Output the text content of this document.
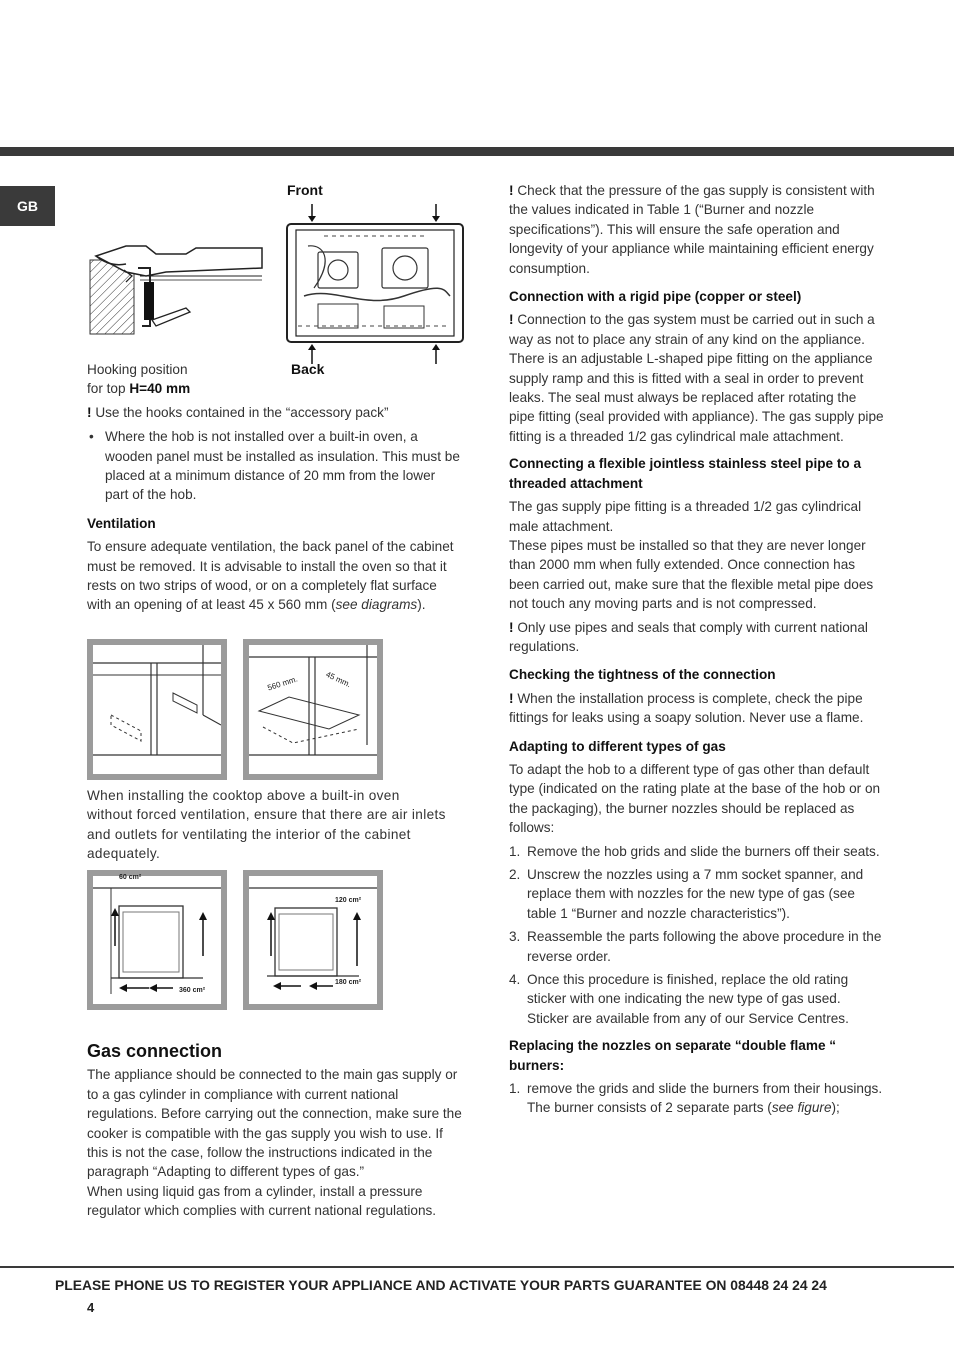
GB
Front
Back

Hooking position

for top H=40 mm

! Use the hooks contained in the “accessory pack”

• Where the hob is not installed over a built-in oven, a wooden panel must be installed as insulation. This must be placed at a minimum distance of 20 mm from the lower part of the hob.

Ventilation

To ensure adequate ventilation, the back panel of the cabinet must be removed. It is advisable to install the oven so that it rests on two strips of wood, or on a completely flat surface with an opening of at least 45 x 560 mm (see diagrams).

560 mm.	45 mm.
When installing the cooktop above a built-in oven without forced ventilation, ensure that there are air inlets and outlets for ventilating the interior of the cabinet adequately.
60 cm²
360 cm²
120 cm²
180 cm²

Gas connection

The appliance should be connected to the main gas supply or to a gas cylinder in compliance with current national regulations. Before carrying out the connection, make sure the cooker is compatible with the gas supply you wish to use. If this is not the case, follow the instructions indicated in the paragraph “Adapting to different types of gas.”

When using liquid gas from a cylinder, install a pressure regulator which complies with current national regulations.

! Check that the pressure of the gas supply is consistent with the values indicated in Table 1 (“Burner and nozzle specifications”). This will ensure the safe operation and longevity of your appliance while maintaining efficient energy consumption.

Connection with a rigid pipe (copper or steel)

! Connection to the gas system must be carried out in such a way as not to place any strain of any kind on the appliance.

There is an adjustable L-shaped pipe fitting on the appliance supply ramp and this is fitted with a seal in order to prevent leaks. The seal must always be replaced after rotating the pipe fitting (seal provided with appliance). The gas supply pipe fitting is a threaded 1/2 gas cylindrical male attachment.

Connecting a flexible jointless stainless steel pipe to a threaded attachment

The gas supply pipe fitting is a threaded 1/2 gas cylindrical male attachment.

These pipes must be installed so that they are never longer than 2000 mm when fully extended. Once connection has been carried out, make sure that the flexible metal pipe does not touch any moving parts and is not compressed.

! Only use pipes and seals that comply with current national regulations.

Checking the tightness of the connection

! When the installation process is complete, check the pipe fittings for leaks using a soapy solution. Never use a flame.

Adapting to different types of gas

To adapt the hob to a different type of gas other than default type (indicated on the rating plate at the base of the hob or on the packaging), the burner nozzles should be replaced as follows:

1. Remove the hob grids and slide the burners off their seats.

2. Unscrew the nozzles using a 7 mm socket spanner, and replace them with nozzles for the new type of gas (see table 1 “Burner and nozzle characteristics”).

3. Reassemble the parts following the above procedure in the reverse order.

4. Once this procedure is finished, replace the old rating sticker with one indicating the new type of gas used. Sticker are available from any of our Service Centres.

Replacing the nozzles on separate “double flame “ burners:

1. remove the grids and slide the burners from their housings. The burner consists of 2 separate parts (see figure);

PLEASE PHONE US TO REGISTER YOUR APPLIANCE AND ACTIVATE YOUR PARTS GUARANTEE ON 08448 24 24 24
4
